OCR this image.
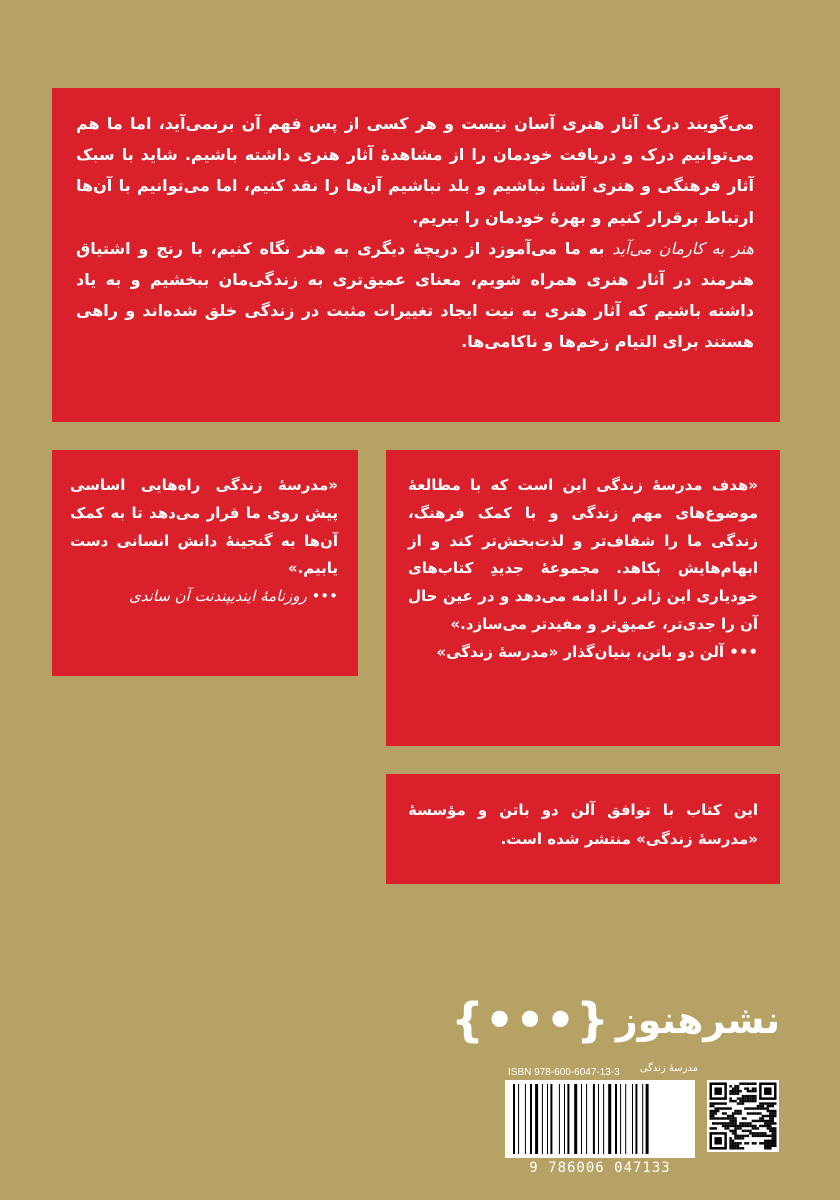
می‌گویند درک آثار هنری آسان نیست و هر کسی از پس فهم آن برنمی‌آید، اما ما هم می‌توانیم درک و دریافت خودمان را از مشاهدهٔ آثار هنری داشته باشیم. شاید با سبک آثار فرهنگی و هنری آشنا نباشیم و بلد نباشیم آن‌ها را نقد کنیم، اما می‌توانیم با آن‌ها ارتباط برقرار کنیم و بهرهٔ خودمان را ببریم.
هنر به کارمان می‌آید به ما می‌آموزد از دریچهٔ دیگری به هنر نگاه کنیم، با رنج و اشتیاق هنرمند در آثار هنری همراه شویم، معنای عمیق‌تری به زندگی‌مان ببخشیم و به یاد داشته باشیم که آثار هنری به نیت ایجاد تغییرات مثبت در زندگی خلق شده‌اند و راهی هستند برای التیام زخم‌ها و ناکامی‌ها.

«هدف مدرسهٔ زندگی این است که با مطالعهٔ موضوع‌های مهم زندگی و با کمک فرهنگ، زندگی ما را شفاف‌تر و لذت‌بخش‌تر کند و از ابهام‌هایش بکاهد. مجموعهٔ جدیدِ کتاب‌های خودیاری این ژانر را ادامه می‌دهد و در عین حال آن را جدی‌تر، عمیق‌تر و مفیدتر می‌سازد.»

••• آلن دو باتن، بنیان‌گذار «مدرسهٔ زندگی»

«مدرسهٔ زندگی راه‌هایی اساسی پیش روی ما قرار می‌دهد تا به کمک آن‌ها به گنجینهٔ دانش انسانی دست یابیم.»

••• روزنامهٔ ایندیپندنت آن ساندی

این کتاب با توافق آلن دو باتن و مؤسسهٔ «مدرسهٔ زندگی» منتشر شده است.

{•••} نشرهنوز
ISBN 978-600-6047-13-3	مدرسهٔ زندگی
9 786006 047133
